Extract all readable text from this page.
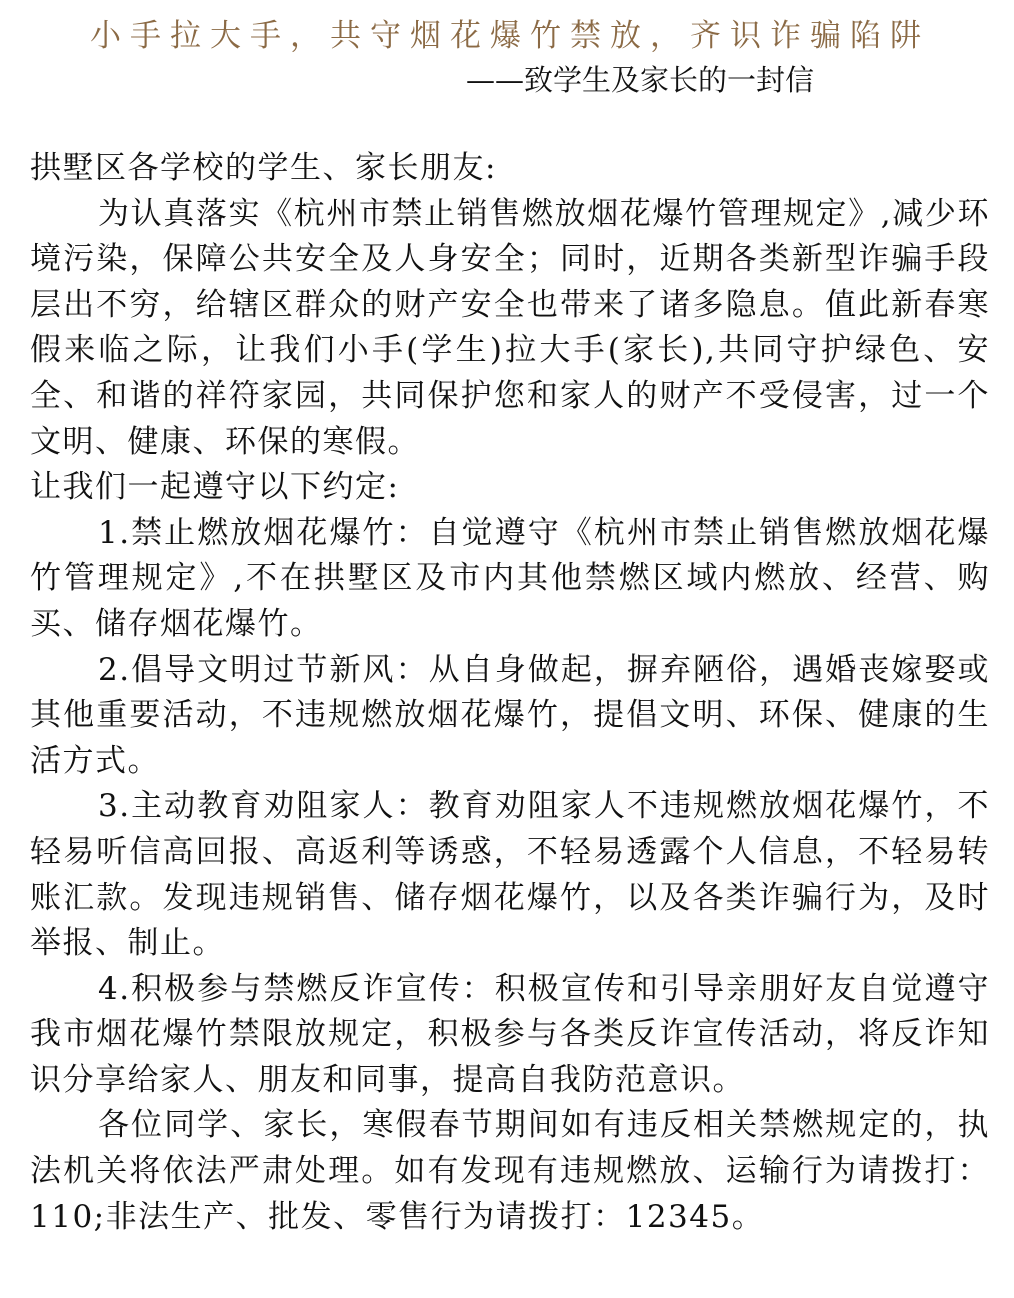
小手拉大手，共守烟花爆竹禁放，齐识诈骗陷阱

——致学生及家长的一封信

拱墅区各学校的学生、家长朋友:

为认真落实《杭州市禁止销售燃放烟花爆竹管理规定》,减少环境污染，保障公共安全及人身安全；同时，近期各类新型诈骗手段层出不穷，给辖区群众的财产安全也带来了诸多隐息。值此新春寒假来临之际，让我们小手(学生)拉大手(家长),共同守护绿色、安全、和谐的祥符家园，共同保护您和家人的财产不受侵害，过一个文明、健康、环保的寒假。

让我们一起遵守以下约定:

1.禁止燃放烟花爆竹：自觉遵守《杭州市禁止销售燃放烟花爆 竹管理规定》,不在拱墅区及市内其他禁燃区域内燃放、经营、购买、储存烟花爆竹。

2.倡导文明过节新风：从自身做起，摒弃陋俗，遇婚丧嫁娶或 其他重要活动，不违规燃放烟花爆竹，提倡文明、环保、健康的生 活方式。

3.主动教育劝阻家人：教育劝阻家人不违规燃放烟花爆竹，不 轻易听信高回报、高返利等诱惑，不轻易透露个人信息，不轻易转 账汇款。发现违规销售、储存烟花爆竹，以及各类诈骗行为，及时 举报、制止。

4.积极参与禁燃反诈宣传：积极宣传和引导亲朋好友自觉遵守 我市烟花爆竹禁限放规定，积极参与各类反诈宣传活动，将反诈知 识分享给家人、朋友和同事，提高自我防范意识。

各位同学、家长，寒假春节期间如有违反相关禁燃规定的，执 法机关将依法严肃处理。如有发现有违规燃放、运输行为请拨打：110;非法生产、批发、零售行为请拨打：12345。
